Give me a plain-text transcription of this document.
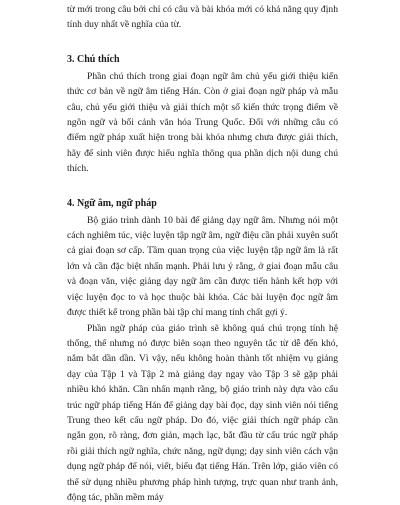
từ mới trong câu bởi chỉ có câu và bài khóa mới có khả năng quy định tính duy nhất về nghĩa của từ.

3. Chú thích

Phần chú thích trong giai đoạn ngữ âm chủ yếu giới thiệu kiến thức cơ bản về ngữ âm tiếng Hán. Còn ở giai đoạn ngữ pháp và mẫu câu, chủ yếu giới thiệu và giải thích một số kiến thức trọng điểm về ngôn ngữ và bối cảnh văn hóa Trung Quốc. Đối với những câu có điểm ngữ pháp xuất hiện trong bài khóa nhưng chưa được giải thích, hãy để sinh viên được hiểu nghĩa thông qua phần dịch nội dung chú thích.

4. Ngữ âm, ngữ pháp

Bộ giáo trình dành 10 bài để giảng dạy ngữ âm. Nhưng nói một cách nghiêm túc, việc luyện tập ngữ âm, ngữ điệu cần phải xuyên suốt cả giai đoạn sơ cấp. Tầm quan trọng của việc luyện tập ngữ âm là rất lớn và cần đặc biệt nhấn mạnh. Phải lưu ý rằng, ở giai đoạn mẫu câu và đoạn văn, việc giảng dạy ngữ âm cần được tiến hành kết hợp với việc luyện đọc to và học thuộc bài khóa. Các bài luyện đọc ngữ âm được thiết kế trong phần bài tập chỉ mang tính chất gợi ý.

Phần ngữ pháp của giáo trình sẽ không quá chú trọng tính hệ thống, thể nhưng nó được biên soạn theo nguyên tắc từ dễ đến khó, nắm bắt dần dần. Vì vậy, nếu không hoàn thành tốt nhiệm vụ giảng dạy của Tập 1 và Tập 2 mà giảng dạy ngay vào Tập 3 sẽ gặp phải nhiều khó khăn. Cần nhấn mạnh rằng, bộ giáo trình này dựa vào cấu trúc ngữ pháp tiếng Hán để giảng dạy bài đọc, dạy sinh viên nói tiếng Trung theo kết cấu ngữ pháp. Do đó, việc giải thích ngữ pháp cần ngắn gọn, rõ ràng, đơn giản, mạch lạc, bắt đầu từ cấu trúc ngữ pháp rồi giải thích ngữ nghĩa, chức năng, ngữ dụng; dạy sinh viên cách vận dụng ngữ pháp để nói, viết, biểu đạt tiếng Hán. Trên lớp, giáo viên có thể sử dụng nhiều phương pháp hình tượng, trực quan như tranh ảnh, động tác, phần mềm máy
